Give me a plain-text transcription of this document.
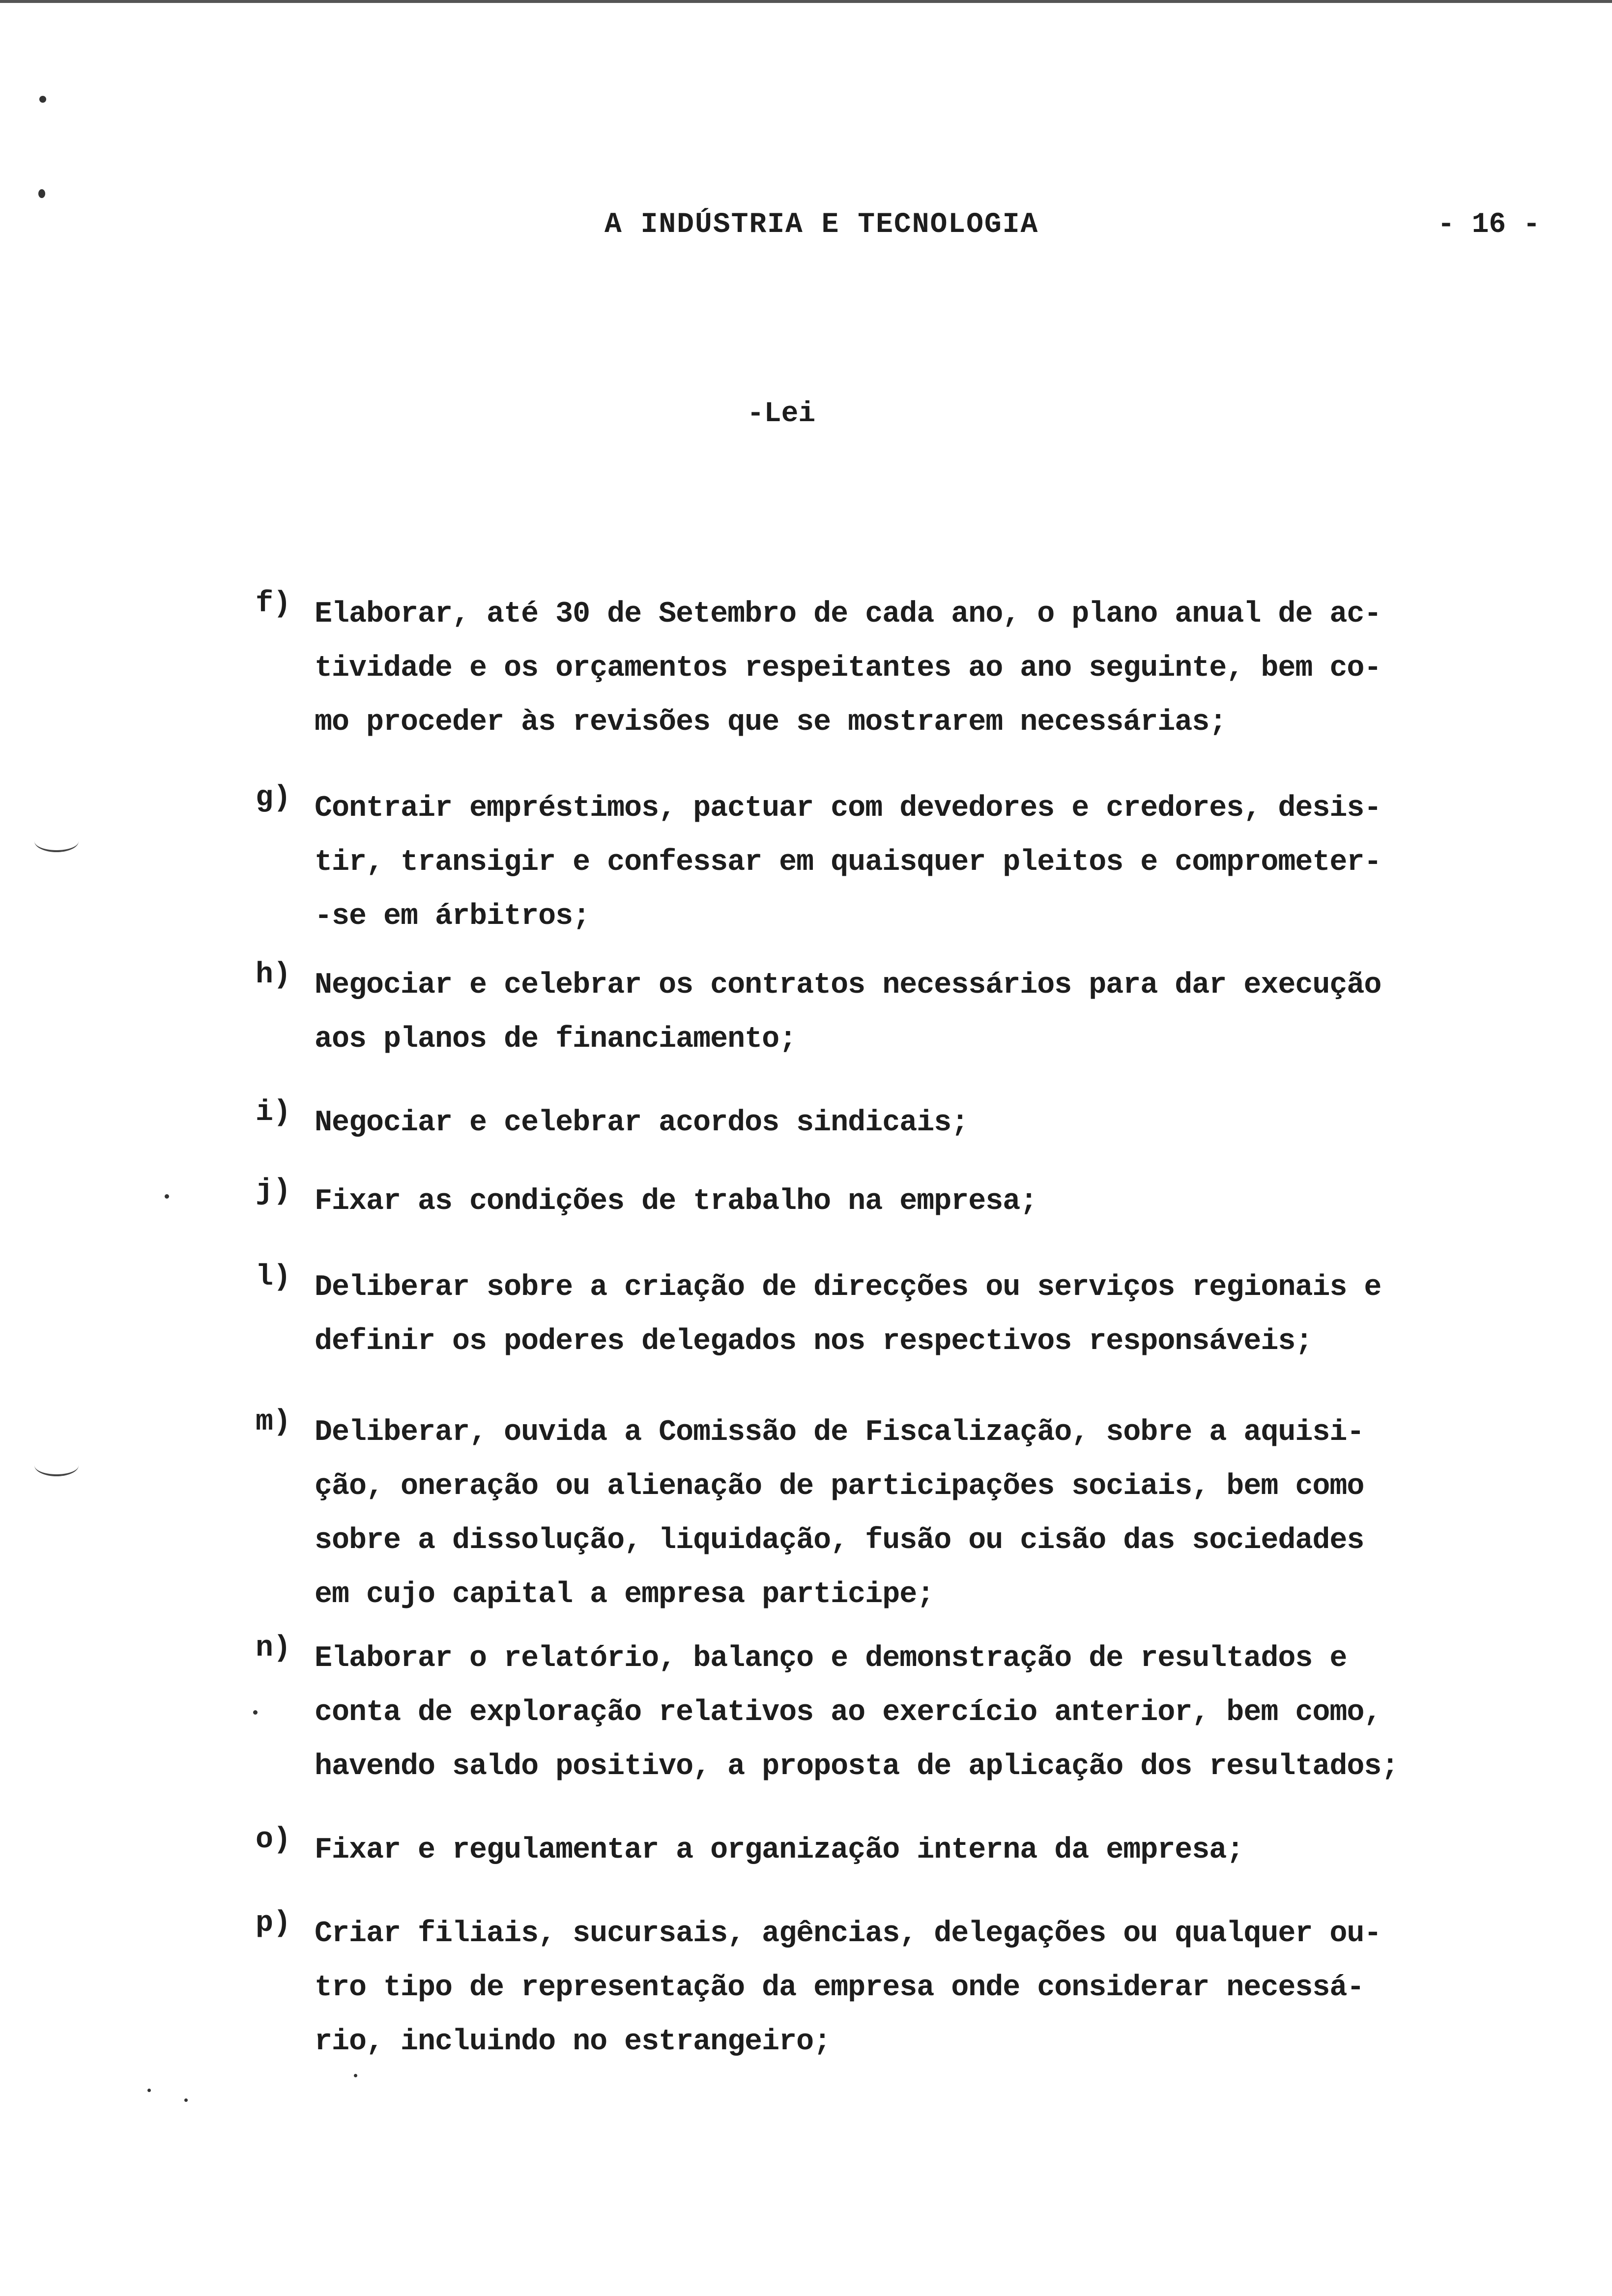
A INDÚSTRIA E TECNOLOGIA	- 16 -
-Lei
f) Elaborar, até 30 de Setembro de cada ano, o plano anual de ac-
tividade e os orçamentos respeitantes ao ano seguinte, bem co-
mo proceder às revisões que se mostrarem necessárias;
g) Contrair empréstimos, pactuar com devedores e credores, desis-
tir, transigir e confessar em quaisquer pleitos e comprometer-
-se em árbitros;
h) Negociar e celebrar os contratos necessários para dar execução
aos planos de financiamento;
i) Negociar e celebrar acordos sindicais;
j) Fixar as condições de trabalho na empresa;
l) Deliberar sobre a criação de direcções ou serviços regionais e
definir os poderes delegados nos respectivos responsáveis;
m) Deliberar, ouvida a Comissão de Fiscalização, sobre a aquisi-
ção, oneração ou alienação de participações sociais, bem como
sobre a dissolução, liquidação, fusão ou cisão das sociedades
em cujo capital a empresa participe;
n) Elaborar o relatório, balanço e demonstração de resultados e
conta de exploração relativos ao exercício anterior, bem como,
havendo saldo positivo, a proposta de aplicação dos resultados;
o) Fixar e regulamentar a organização interna da empresa;
p) Criar filiais, sucursais, agências, delegações ou qualquer ou-
tro tipo de representação da empresa onde considerar necessá-
rio, incluindo no estrangeiro;
